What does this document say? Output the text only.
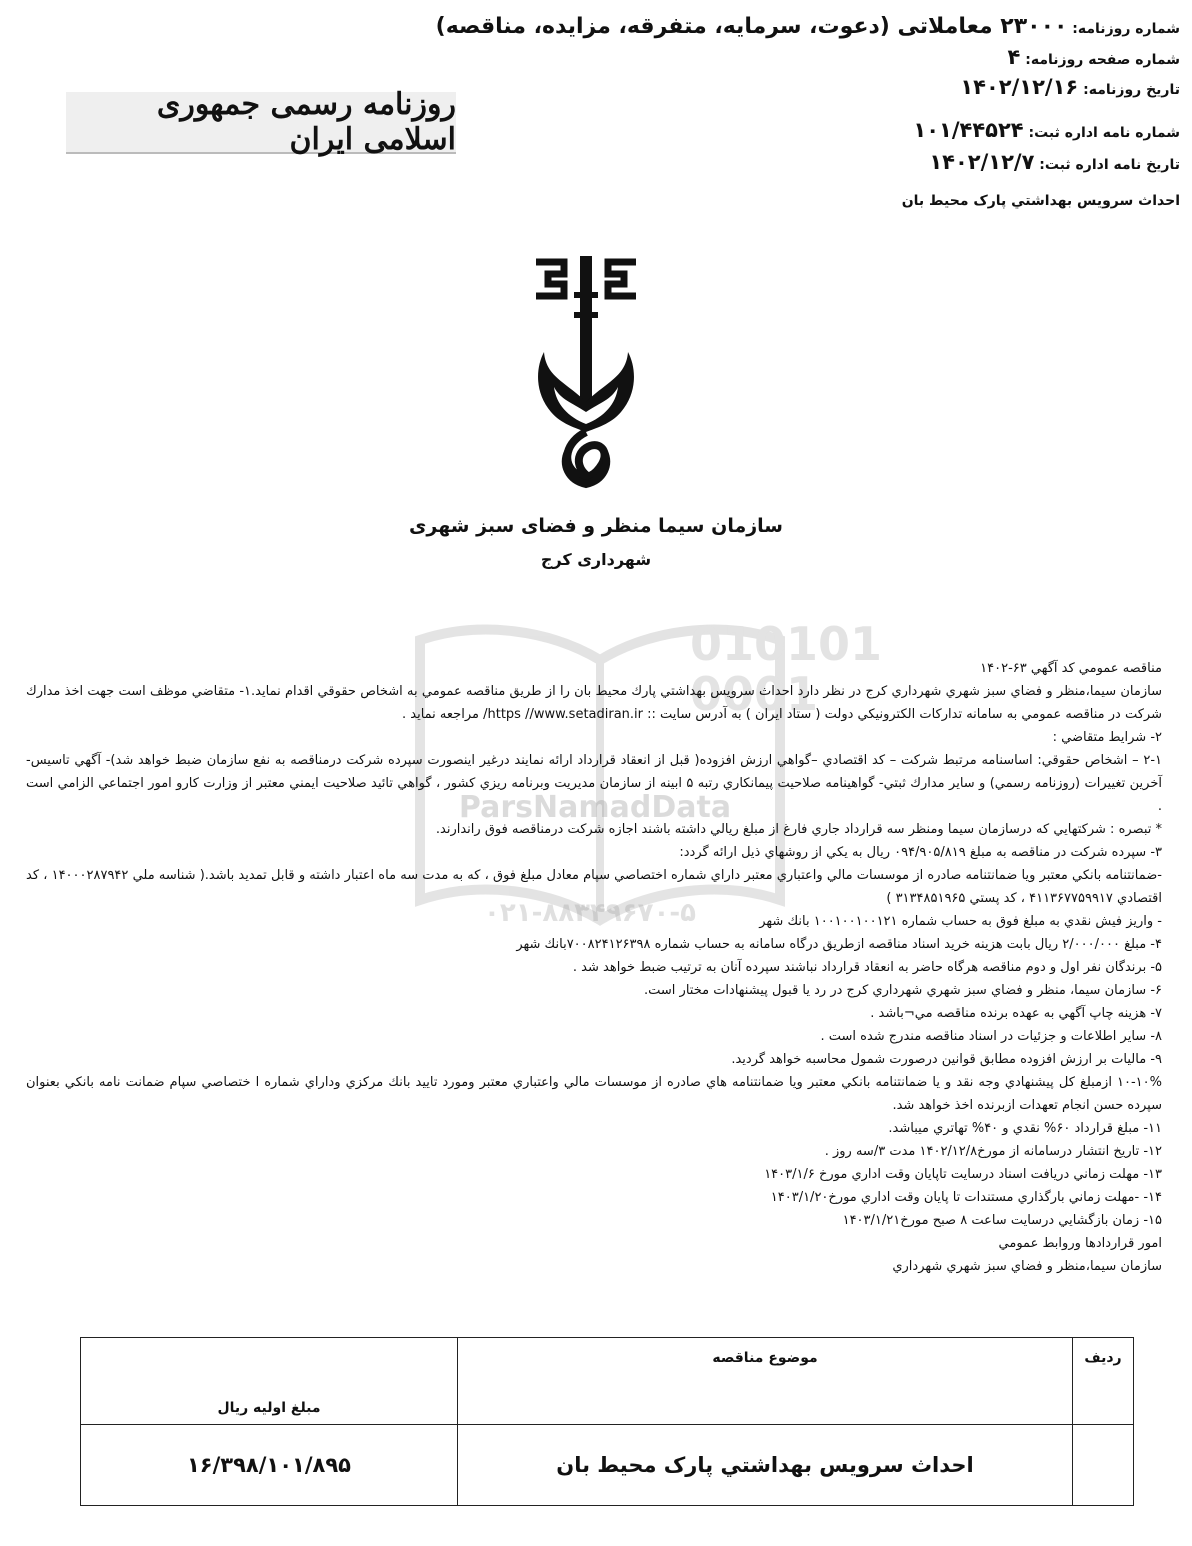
شماره روزنامه: ۲۳۰۰۰ معاملاتی (دعوت، سرمایه، متفرقه، مزایده، مناقصه)
شماره صفحه روزنامه: ۴
تاریخ روزنامه: ۱۴۰۲/۱۲/۱۶
روزنامه رسمی جمهوری اسلامی ایران	شماره نامه اداره ثبت: ۱۰۱/۴۴۵۲۴
تاریخ نامه اداره ثبت: ۱۴۰۲/۱۲/۷
احداث سرويس بهداشتي پارک محيط بان
سازمان سیما منظر و فضای سبز شهری
شهرداری کرج
010101
0001
ParsNamadData
۰۲۱-۸۸۳۴۹۶۷۰-۵

مناقصه عمومي كد آگهي ۶۳-۱۴۰۲

سازمان سيما،منظر و فضاي سبز شهري شهرداري كرج در نظر دارد احداث سرويس بهداشتي پارك محيط بان را از طريق مناقصه عمومي به اشخاص حقوقي اقدام نمايد.۱- متقاضي موظف است جهت اخذ مدارك شركت در مناقصه عمومي به سامانه تداركات الكترونيكي دولت ( ستاد ايران ) به آدرس سايت :: https //www.setadiran.ir/ مراجعه نمايد .

۲- شرايط متقاضي :

۲-۱ – اشخاص حقوقي: اساسنامه مرتبط شركت – كد اقتصادي –گواهي ارزش افزوده( قبل از انعقاد قرارداد ارائه نمايند درغير اينصورت سپرده شركت درمناقصه به نفع سازمان ضبط خواهد شد)- آگهي تاسيس-آخرين تغييرات (روزنامه رسمي) و ساير مدارك ثبتي- گواهينامه صلاحيت پيمانكاري رتبه ۵ ابينه از سازمان مديريت وبرنامه ريزي كشور ، گواهي تائيد صلاحيت ايمني معتبر از وزارت كارو امور اجتماعي الزامي است .

* تبصره : شركتهايي كه درسازمان سيما ومنظر سه قرارداد جاري فارغ از مبلغ ريالي داشته باشند اجازه شركت درمناقصه فوق راندارند.

۳- سپرده شركت در مناقصه به مبلغ ۰۹۴/۹۰۵/۸۱۹ ريال به يكي از روشهاي ذيل ارائه گردد:

-ضمانتنامه بانكي معتبر ويا ضمانتنامه صادره از موسسات مالي واعتباري معتبر داراي شماره اختصاصي سپام معادل مبلغ فوق ، كه به مدت سه ماه اعتبار داشته و قابل تمديد باشد.( شناسه ملي ۱۴۰۰۰۲۸۷۹۴۲ ، كد اقتصادي ۴۱۱۳۶۷۷۵۹۹۱۷ ، كد پستي ۳۱۳۴۸۵۱۹۶۵ )

- واريز فيش نقدي به مبلغ فوق به حساب شماره ۱۰۰۱۰۰۱۰۰۱۲۱ بانك شهر

۴- مبلغ ۲/۰۰۰/۰۰۰ ريال بابت هزينه خريد اسناد مناقصه ازطريق درگاه سامانه به حساب شماره ۷۰۰۸۲۴۱۲۶۳۹۸بانك شهر

۵- برندگان نفر اول و دوم مناقصه هرگاه حاضر به انعقاد قرارداد نباشند سپرده آنان به ترتيب ضبط خواهد شد .

۶- سازمان سيما، منظر و فضاي سبز شهري شهرداري كرج در رد يا قبول پيشنهادات مختار است.

۷- هزينه چاپ آگهي به عهده برنده مناقصه مي¬باشد .

۸- ساير اطلاعات و جزئيات در اسناد مناقصه مندرج شده است .

۹- ماليات بر ارزش افزوده مطابق قوانين درصورت شمول محاسبه خواهد گرديد.

۱۰-۱۰% ازمبلغ كل پيشنهادي وجه نقد و يا ضمانتنامه بانكي معتبر ويا ضمانتنامه هاي صادره از موسسات مالي واعتباري معتبر ومورد تاييد بانك مركزي وداراي شماره ا ختصاصي سپام ضمانت نامه بانكي بعنوان سپرده حسن انجام تعهدات ازبرنده اخذ خواهد شد.

۱۱- مبلغ قرارداد ۶۰% نقدي و ۴۰% تهاتري ميباشد.

۱۲- تاريخ انتشار درسامانه از مورخ۱۴۰۲/۱۲/۸ مدت ۳/سه روز .

۱۳- مهلت زماني دريافت اسناد درسايت تاپايان وقت اداري مورخ ۱۴۰۳/۱/۶

۱۴- -مهلت زماني بارگذاري مستندات تا پايان وقت اداري مورخ۱۴۰۳/۱/۲۰

۱۵- زمان بازگشايي درسايت ساعت ۸ صبح مورخ۱۴۰۳/۱/۲۱

امور قراردادها وروابط عمومي

سازمان سيما،منظر و فضاي سبز شهري شهرداري

رديف	موضوع مناقصه	مبلغ اوليه ريال
	احداث سرويس بهداشتي پارک محيط بان	۱۶/۳۹۸/۱۰۱/۸۹۵
